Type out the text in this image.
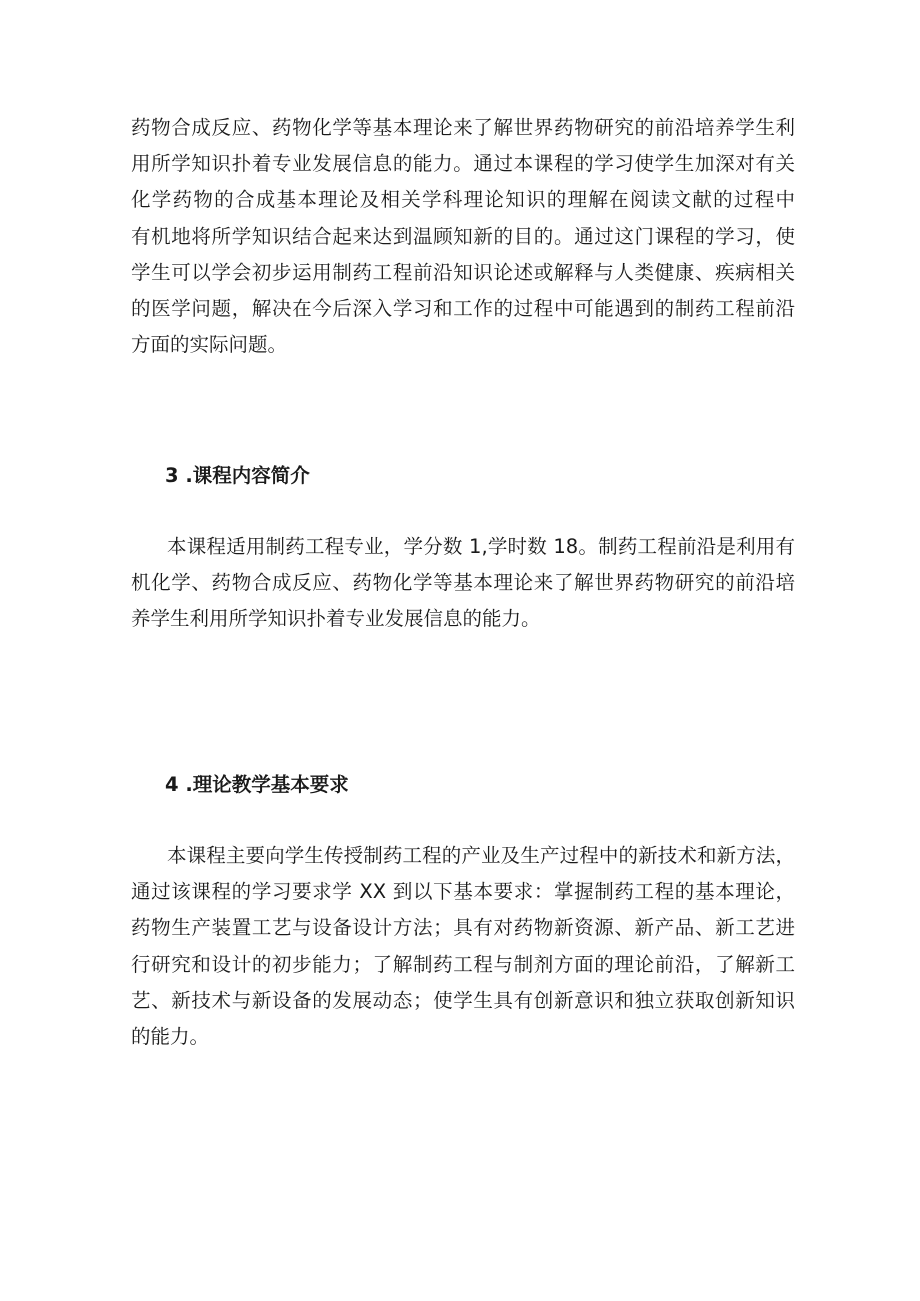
药物合成反应、药物化学等基本理论来了解世界药物研究的前沿培养学生利
用所学知识扑着专业发展信息的能力。通过本课程的学习使学生加深对有关
化学药物的合成基本理论及相关学科理论知识的理解在阅读文献的过程中
有机地将所学知识结合起来达到温顾知新的目的。通过这门课程的学习，使
学生可以学会初步运用制药工程前沿知识论述或解释与人类健康、疾病相关
的医学问题，解决在今后深入学习和工作的过程中可能遇到的制药工程前沿
方面的实际问题。

3 .课程内容简介

本课程适用制药工程专业，学分数 1,学时数 18。制药工程前沿是利用有
机化学、药物合成反应、药物化学等基本理论来了解世界药物研究的前沿培
养学生利用所学知识扑着专业发展信息的能力。

4 .理论教学基本要求

本课程主要向学生传授制药工程的产业及生产过程中的新技术和新方法，
通过该课程的学习要求学 XX 到以下基本要求：掌握制药工程的基本理论，
药物生产装置工艺与设备设计方法；具有对药物新资源、新产品、新工艺进
行研究和设计的初步能力；了解制药工程与制剂方面的理论前沿，了解新工
艺、新技术与新设备的发展动态；使学生具有创新意识和独立获取创新知识
的能力。
